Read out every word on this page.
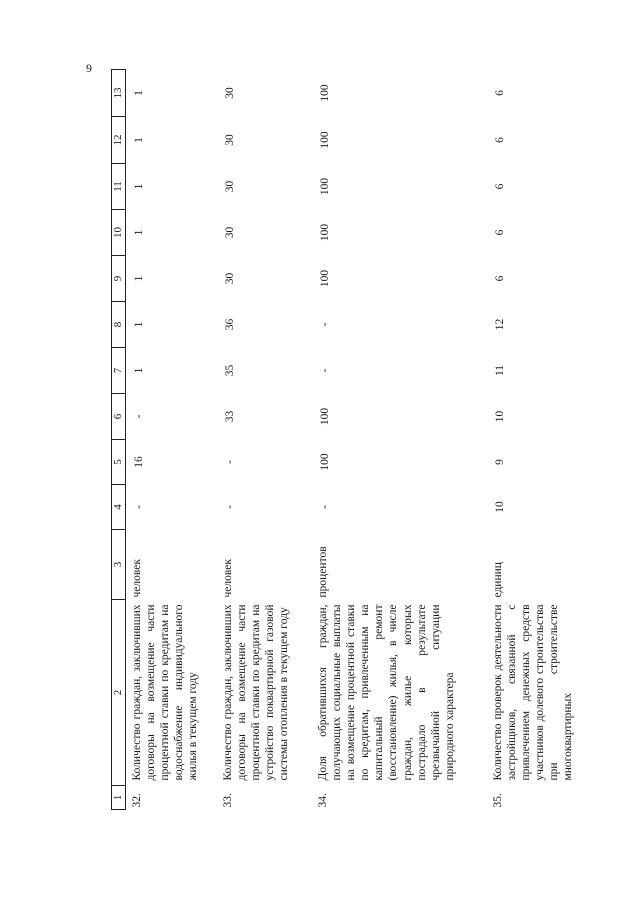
9
1	2	3	4	5	6	7	8	9	10	11	12	13
32.	Количество граждан, заключивших договоры на возмещение части процентной ставки по кредитам на водоснабжение индивидуального жилья в текущем году	человек	-	16	-	1	1	1	1	1	1	1
33.	Количество граждан, заключивших договоры на возмещение части процентной ставки по кредитам на устройство поквартирной газовой системы отопления в текущем году	человек	-	-	33	35	36	30	30	30	30	30
34.	Доля обратившихся граждан, получающих социальные выплаты на возмещение процентной ставки по кредитам, привлеченным на капитальный ремонт (восстановление) жилья, в числе граждан, жилье которых пострадало в результате чрезвычайной ситуации природного характера	процентов	-	100	100	-	-	100	100	100	100	100
35.	Количество проверок деятельности застройщиков, связанной с привлечением денежных средств участников долевого строительства при строительстве многоквартирных	единиц	10	9	10	11	12	6	6	6	6	6
